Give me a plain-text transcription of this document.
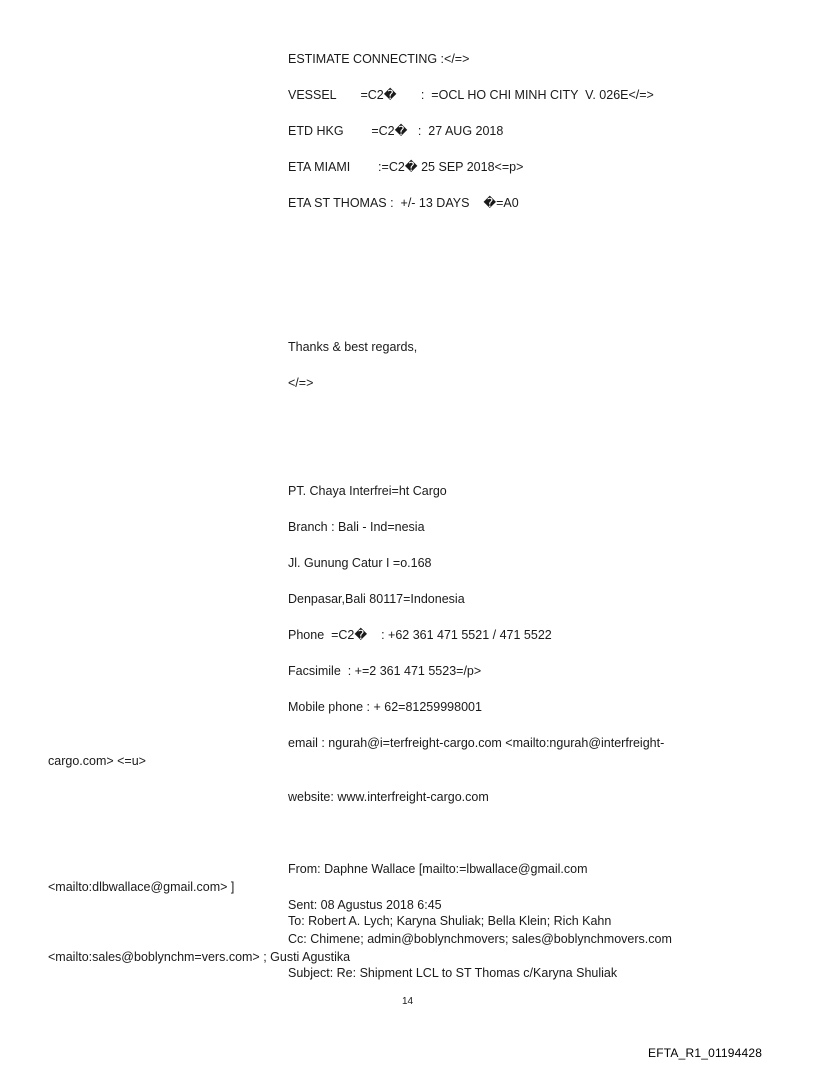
ESTIMATE CONNECTING :</=>
VESSEL       =C2�       :  =OCL HO CHI MINH CITY  V. 026E</=>
ETD HKG        =C2�   :  27 AUG 2018
ETA MIAMI        :=C2� 25 SEP 2018<=p>
ETA ST THOMAS :  +/- 13 DAYS    �=A0
Thanks & best regards,
</=>
PT. Chaya Interfrei=ht Cargo
Branch : Bali - Ind=nesia
Jl. Gunung Catur I =o.168
Denpasar,Bali 80117=Indonesia
Phone  =C2�    : +62 361 471 5521 / 471 5522
Facsimile  : +=2 361 471 5523=/p>
Mobile phone : + 62=81259998001
email : ngurah@i=terfreight-cargo.com <mailto:ngurah@interfreight-
cargo.com> <=u>
website: www.interfreight-cargo.com
From: Daphne Wallace [mailto:=lbwallace@gmail.com
<mailto:dlbwallace@gmail.com> ]
Sent: 08 Agustus 2018 6:45
To: Robert A. Lych; Karyna Shuliak; Bella Klein; Rich Kahn
Cc: Chimene; admin@boblynchmovers; sales@boblynchmovers.com
<mailto:sales@boblynchm=vers.com> ; Gusti Agustika
Subject: Re: Shipment LCL to ST Thomas c/Karyna Shuliak
14
EFTA_R1_01194428
